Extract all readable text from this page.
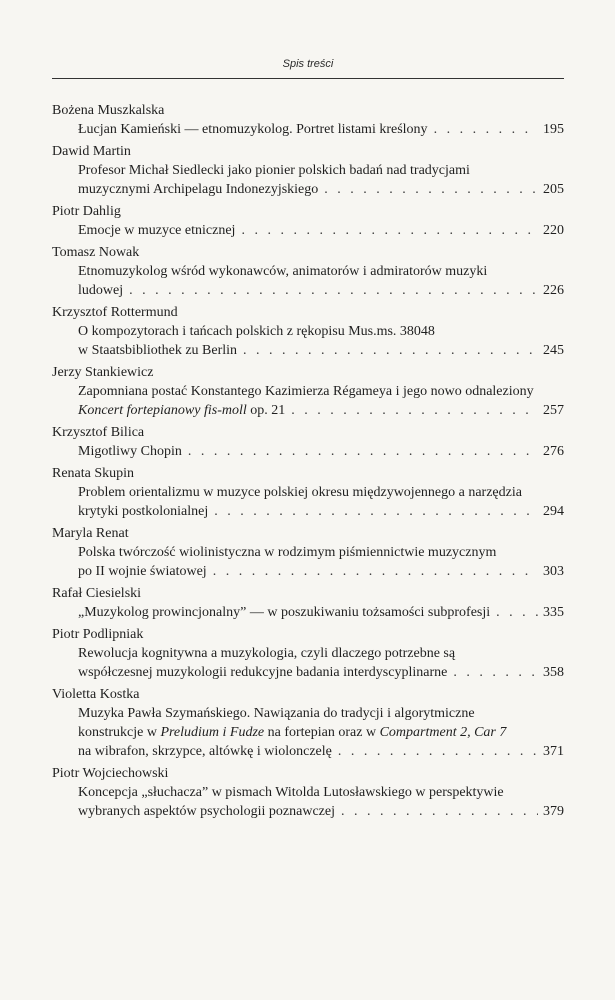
Spis treści
Bożena Muszkalska
Łucjan Kamieński — etnomuzykolog. Portret listami kreślony . . .	195
Dawid Martin
Profesor Michał Siedlecki jako pionier polskich badań nad tradycjami
muzycznymi Archipelagu Indonezyjskiego . . .	205
Piotr Dahlig
Emocje w muzyce etnicznej . . .	220
Tomasz Nowak
Etnomuzykolog wśród wykonawców, animatorów i admiratorów muzyki
ludowej . . .	226
Krzysztof Rottermund
O kompozytorach i tańcach polskich z rękopisu Mus.ms. 38048
w Staatsbibliothek zu Berlin . . .	245
Jerzy Stankiewicz
Zapomniana postać Konstantego Kazimierza Régameya i jego nowo odnaleziony
Koncert fortepianowy fis-moll op. 21 . . .	257
Krzysztof Bilica
Migotliwy Chopin . . .	276
Renata Skupin
Problem orientalizmu w muzyce polskiej okresu międzywojennego a narzędzia
krytyki postkolonialnej . . .	294
Maryla Renat
Polska twórczość wiolinistyczna w rodzimym piśmiennictwie muzycznym
po II wojnie światowej . . .	303
Rafał Ciesielski
„Muzykolog prowincjonalny” — w poszukiwaniu tożsamości subprofesji . . .	335
Piotr Podlipniak
Rewolucja kognitywna a muzykologia, czyli dlaczego potrzebne są
współczesnej muzykologii redukcyjne badania interdyscyplinarne . . .	358
Violetta Kostka
Muzyka Pawła Szymańskiego. Nawiązania do tradycji i algorytmiczne
konstrukcje w Preludium i Fudze na fortepian oraz w Compartment 2, Car 7
na wibrafon, skrzypce, altówkę i wiolonczelę . . .	371
Piotr Wojciechowski
Koncepcja „słuchacza” w pismach Witolda Lutosławskiego w perspektywie
wybranych aspektów psychologii poznawczej . . .	379
